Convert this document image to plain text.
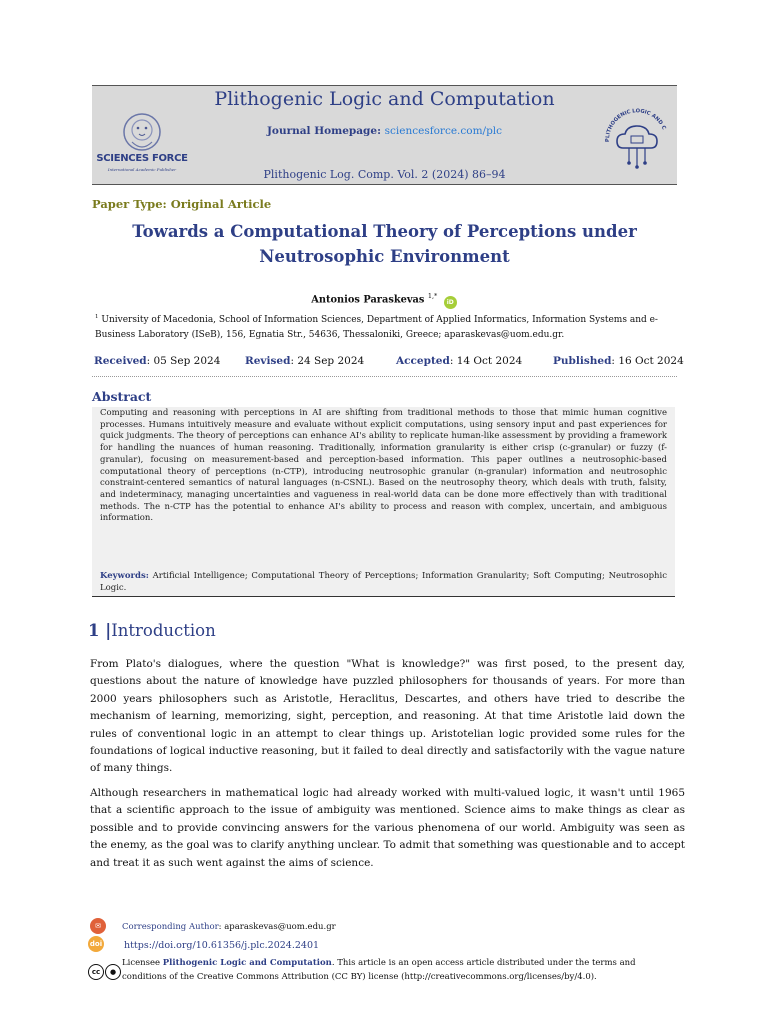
SCIENCES FORCE
International Academic Publisher
Plithogenic Logic and Computation
Journal Homepage: sciencesforce.com/plc
Plithogenic Log. Comp. Vol. 2 (2024) 86–94
PLITHOGENIC LOGIC AND C
Paper Type: Original Article
Towards a Computational Theory of Perceptions under
Neutrosophic Environment
Antonios Paraskevas $^{1,*}$ iD
$^1$ University of Macedonia, School of Information Sciences, Department of Applied Informatics, Information Systems and e-
Business Laboratory (ISeB), 156, Egnatia Str., 54636, Thessaloniki, Greece; aparaskevas@uom.edu.gr.
Received: 05 Sep 2024 Revised: 24 Sep 2024	Accepted: 14 Oct 2024	Published: 16 Oct 2024
Abstract
Computing and reasoning with perceptions in AI are shifting from traditional methods to those that mimic human cognitive processes. Humans intuitively measure and evaluate without explicit computations, using sensory input and past experiences for quick judgments. The theory of perceptions can enhance AI's ability to replicate human-like assessment by providing a framework for handling the nuances of human reasoning. Traditionally, information granularity is either crisp (c-granular) or fuzzy (f-granular), focusing on measurement-based and perception-based information. This paper outlines a neutrosophic-based computational theory of perceptions (n-CTP), introducing neutrosophic granular (n-granular) information and neutrosophic constraint-centered semantics of natural languages (n-CSNL). Based on the neutrosophy theory, which deals with truth, falsity, and indeterminacy, managing uncertainties and vagueness in real-world data can be done more effectively than with traditional methods. The n-CTP has the potential to enhance AI's ability to process and reason with complex, uncertain, and ambiguous information.
Keywords: Artificial Intelligence; Computational Theory of Perceptions; Information Granularity; Soft Computing; Neutrosophic Logic.
1 |Introduction
From Plato's dialogues, where the question "What is knowledge?" was first posed, to the present day, questions about the nature of knowledge have puzzled philosophers for thousands of years. For more than 2000 years philosophers such as Aristotle, Heraclitus, Descartes, and others have tried to describe the mechanism of learning, memorizing, sight, perception, and reasoning. At that time Aristotle laid down the rules of conventional logic in an attempt to clear things up. Aristotelian logic provided some rules for the foundations of logical inductive reasoning, but it failed to deal directly and satisfactorily with the vague nature of many things.
Although researchers in mathematical logic had already worked with multi-valued logic, it wasn't until 1965 that a scientific approach to the issue of ambiguity was mentioned. Science aims to make things as clear as possible and to provide convincing answers for the various phenomena of our world. Ambiguity was seen as the enemy, as the goal was to clarify anything unclear. To admit that something was questionable and to accept and treat it as such went against the aims of science.
✉	Corresponding Author: aparaskevas@uom.edu.gr
doi https://doi.org/10.61356/j.plc.2024.2401
cc	●
Licensee Plithogenic Logic and Computation. This article is an open access article distributed under the terms and conditions of the Creative Commons Attribution (CC BY) license (http://creativecommons.org/licenses/by/4.0).
